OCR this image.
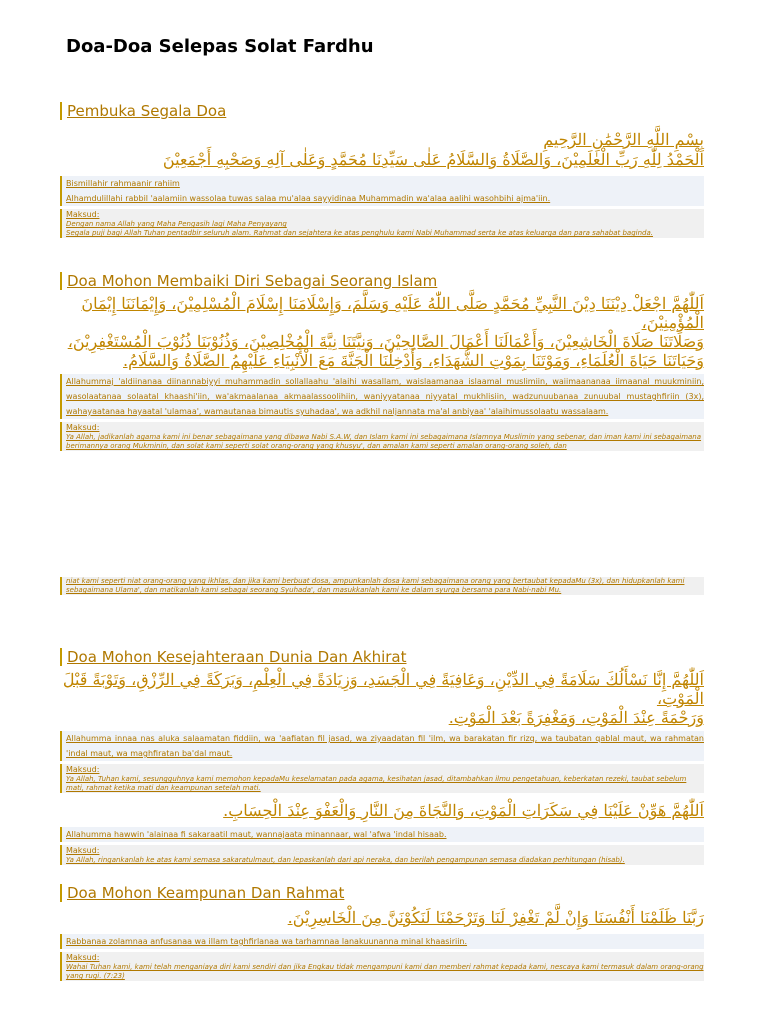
Doa-Doa Selepas Solat Fardhu
Pembuka Segala Doa
بِسْمِ اللَّهِ الرَّحْمَٰنِ الرَّحِيمِ
اَلْحَمْدُ لِلّٰهِ رَبِّ الْعٰلَمِيْنَ، وَالصَّلَاةُ وَالسَّلَامُ عَلٰى سَيِّدِنَا مُحَمَّدٍ وَعَلٰى آلِهِ وَصَحْبِهِ أَجْمَعِيْنَ
Bismillahir rahmaanir rahiim
Alhamdulillahi rabbil 'aalamiin wassolaa tuwas salaa mu'alaa sayyidinaa Muhammadin wa'alaa aalihi wasohbihi ajma'iin.
Maksud:
Dengan nama Allah yang Maha Pengasih lagi Maha Penyayang
Segala puji bagi Allah Tuhan pentadbir seluruh alam. Rahmat dan sejahtera ke atas penghulu kami Nabi Muhammad serta ke atas keluarga dan para sahabat baginda.
Doa Mohon Membaiki Diri Sebagai Seorang Islam
اَللّٰهُمَّ اجْعَلْ دِيْنَنَا دِيْنَ النَّبِيِّ مُحَمَّدٍ صَلَّى اللّٰهُ عَلَيْهِ وَسَلَّمَ، وَإِسْلَامَنَا إِسْلَامَ الْمُسْلِمِيْنَ، وَإِيْمَانَنَا إِيْمَانَ الْمُؤْمِنِيْنَ،
وَصَلَاتَنَا صَلَاةَ الْخَاشِعِيْنَ، وَأَعْمَالَنَا أَعْمَالَ الصَّالِحِيْنَ، وَنِيَّتَنَا نِيَّةَ الْمُخْلِصِيْنَ، وَذُنُوْبَنَا ذُنُوْبَ الْمُسْتَغْفِرِيْنَ،
وَحَيَاتَنَا حَيَاةَ الْعُلَمَاءِ، وَمَوْتَنَا بِمَوْتِ الشُّهَدَاءِ، وَأَدْخِلْنَا الْجَنَّةَ مَعَ الْأَنْبِيَاءِ عَلَيْهِمُ الصَّلَاةُ وَالسَّلَامُ.
Allahummaj 'aldiinanaa diinannabiyyi muhammadin sollallaahu 'alaihi wasallam, waislaamanaa islaamal muslimiin, waiimaananaa iimaanal muukminiin, wasolaatanaa solaatal khaashi'iin, wa'akmaalanaa akmaalassoolihiin, waniyyatanaa niyyatal mukhlisiin, wadzunuubanaa zunuubal mustaghfiriin (3x), wahayaatanaa hayaatal 'ulamaa', wamautanaa bimautis syuhadaa', wa adkhil naljannata ma'al anbiyaa' 'alaihimussolaatu wassalaam.
Maksud:
Ya Allah, jadikanlah agama kami ini benar sebagaimana yang dibawa Nabi S.A.W, dan Islam kami ini sebagaimana Islamnya Muslimin yang sebenar, dan iman kami ini sebagaimana berimannya orang Mukminin, dan solat kami seperti solat orang-orang yang khusyu', dan amalan kami seperti amalan orang-orang soleh, dan
niat kami seperti niat orang-orang yang ikhlas, dan jika kami berbuat dosa, ampunkanlah dosa kami sebagaimana orang yang bertaubat kepadaMu (3x), dan hidupkanlah kami sebagaimana Ulama', dan matikanlah kami sebagai seorang Syuhada', dan masukkanlah kami ke dalam syurga bersama para Nabi-nabi Mu.
Doa Mohon Kesejahteraan Dunia Dan Akhirat
اَللّٰهُمَّ إِنَّا نَسْأَلُكَ سَلَامَةً فِي الدِّيْنِ، وَعَافِيَةً فِي الْجَسَدِ، وَزِيَادَةً فِي الْعِلْمِ، وَبَرَكَةً فِي الرِّزْقِ، وَتَوْبَةً قَبْلَ الْمَوْتِ،
وَرَحْمَةً عِنْدَ الْمَوْتِ، وَمَغْفِرَةً بَعْدَ الْمَوْتِ.
Allahumma innaa nas aluka salaamatan fiddiin, wa 'aafiatan fil jasad, wa ziyaadatan fil 'ilm, wa barakatan fir rizq, wa taubatan qablal maut, wa rahmatan 'indal maut, wa maghfiratan ba'dal maut.
Maksud:
Ya Allah, Tuhan kami, sesungguhnya kami memohon kepadaMu keselamatan pada agama, kesihatan jasad, ditambahkan ilmu pengetahuan, keberkatan rezeki, taubat sebelum mati, rahmat ketika mati dan keampunan setelah mati.
اَللّٰهُمَّ هَوِّنْ عَلَيْنَا فِي سَكَرَاتِ الْمَوْتِ، وَالنَّجَاةَ مِنَ النَّارِ وَالْعَفْوَ عِنْدَ الْحِسَابِ.
Allahumma hawwin 'alainaa fi sakaraatil maut, wannajaata minannaar, wal 'afwa 'indal hisaab.
Maksud:
Ya Allah, ringankanlah ke atas kami semasa sakaratulmaut, dan lepaskanlah dari api neraka, dan berilah pengampunan semasa diadakan perhitungan (hisab).
Doa Mohon Keampunan Dan Rahmat
رَبَّنَا ظَلَمْنَا أَنْفُسَنَا وَإِنْ لَّمْ تَغْفِرْ لَنَا وَتَرْحَمْنَا لَنَكُوْنَنَّ مِنَ الْخَاسِرِيْنَ.
Rabbanaa zolamnaa anfusanaa wa illam taghfirlanaa wa tarhamnaa lanakuunanna minal khaasiriin.
Maksud:
Wahai Tuhan kami, kami telah menganiaya diri kami sendiri dan jika Engkau tidak mengampuni kami dan memberi rahmat kepada kami, nescaya kami termasuk dalam orang-orang yang rugi. (7:23)
